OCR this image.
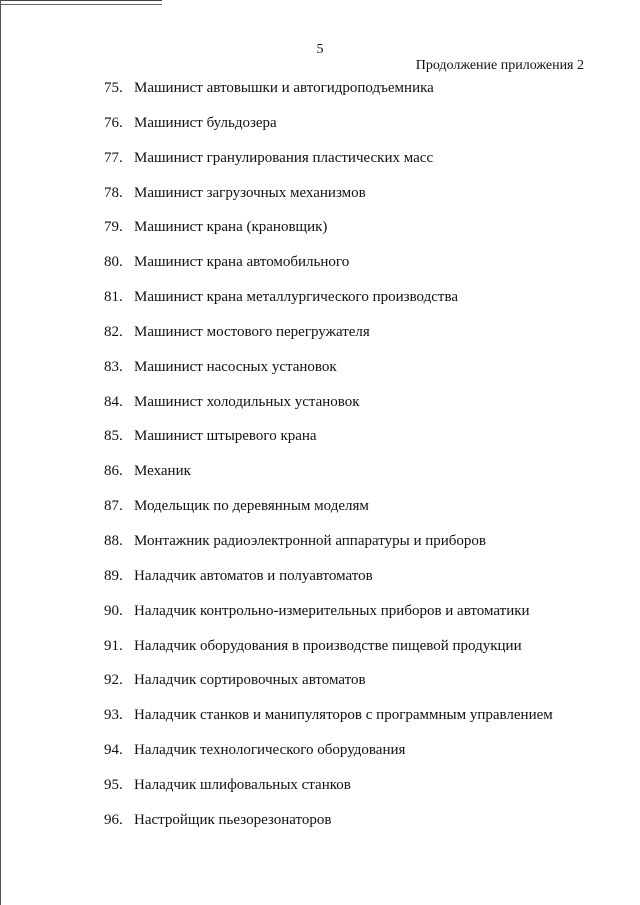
5
Продолжение приложения 2
75. Машинист автовышки и автогидроподъемника
76. Машинист бульдозера
77. Машинист гранулирования пластических масс
78. Машинист загрузочных механизмов
79. Машинист крана (крановщик)
80. Машинист крана автомобильного
81. Машинист крана металлургического производства
82. Машинист мостового перегружателя
83. Машинист насосных установок
84. Машинист холодильных установок
85. Машинист штыревого крана
86. Механик
87. Модельщик по деревянным моделям
88. Монтажник радиоэлектронной аппаратуры и приборов
89. Наладчик автоматов и полуавтоматов
90. Наладчик контрольно-измерительных приборов и автоматики
91. Наладчик оборудования в производстве пищевой продукции
92. Наладчик сортировочных автоматов
93. Наладчик станков и манипуляторов с программным управлением
94. Наладчик технологического оборудования
95. Наладчик шлифовальных станков
96. Настройщик пьезорезонаторов
